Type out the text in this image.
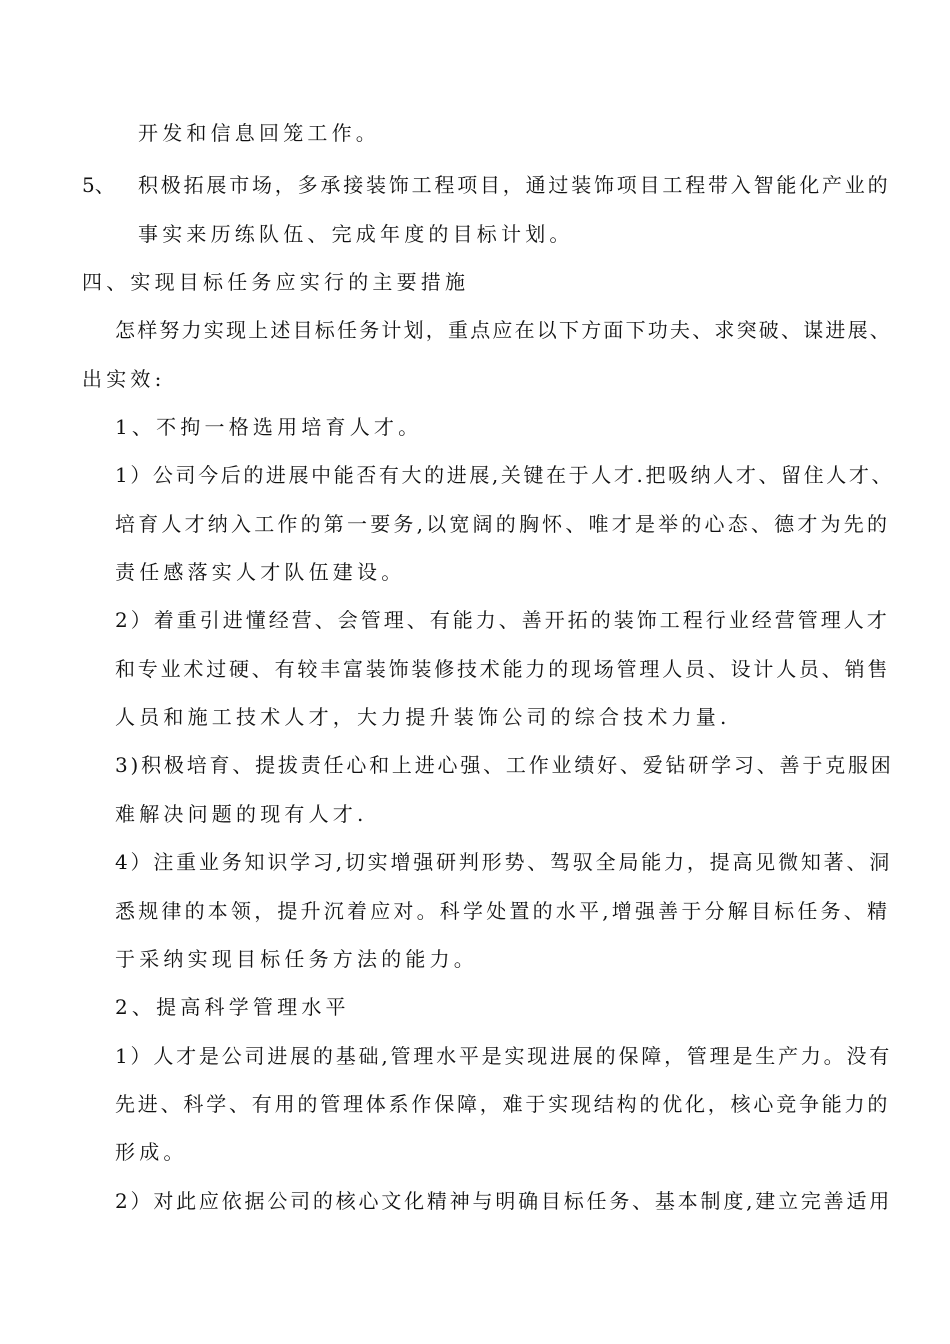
开发和信息回笼工作。
5、 积极拓展市场，多承接装饰工程项目，通过装饰项目工程带入智能化产业的
事实来历练队伍、完成年度的目标计划。
四、实现目标任务应实行的主要措施
怎样努力实现上述目标任务计划，重点应在以下方面下功夫、求突破、谋进展、
出实效:
1、不拘一格选用培育人才。
1）公司今后的进展中能否有大的进展,关键在于人才.把吸纳人才、留住人才、
培育人才纳入工作的第一要务,以宽阔的胸怀、唯才是举的心态、德才为先的
责任感落实人才队伍建设。
2）着重引进懂经营、会管理、有能力、善开拓的装饰工程行业经营管理人才
和专业术过硬、有较丰富装饰装修技术能力的现场管理人员、设计人员、销售
人员和施工技术人才，大力提升装饰公司的综合技术力量.
3)积极培育、提拔责任心和上进心强、工作业绩好、爱钻研学习、善于克服困
难解决问题的现有人才.
4）注重业务知识学习,切实增强研判形势、驾驭全局能力，提高见微知著、洞
悉规律的本领，提升沉着应对。科学处置的水平,增强善于分解目标任务、精
于采纳实现目标任务方法的能力。
2、提高科学管理水平
1）人才是公司进展的基础,管理水平是实现进展的保障，管理是生产力。没有
先进、科学、有用的管理体系作保障，难于实现结构的优化，核心竞争能力的
形成。
2）对此应依据公司的核心文化精神与明确目标任务、基本制度,建立完善适用
